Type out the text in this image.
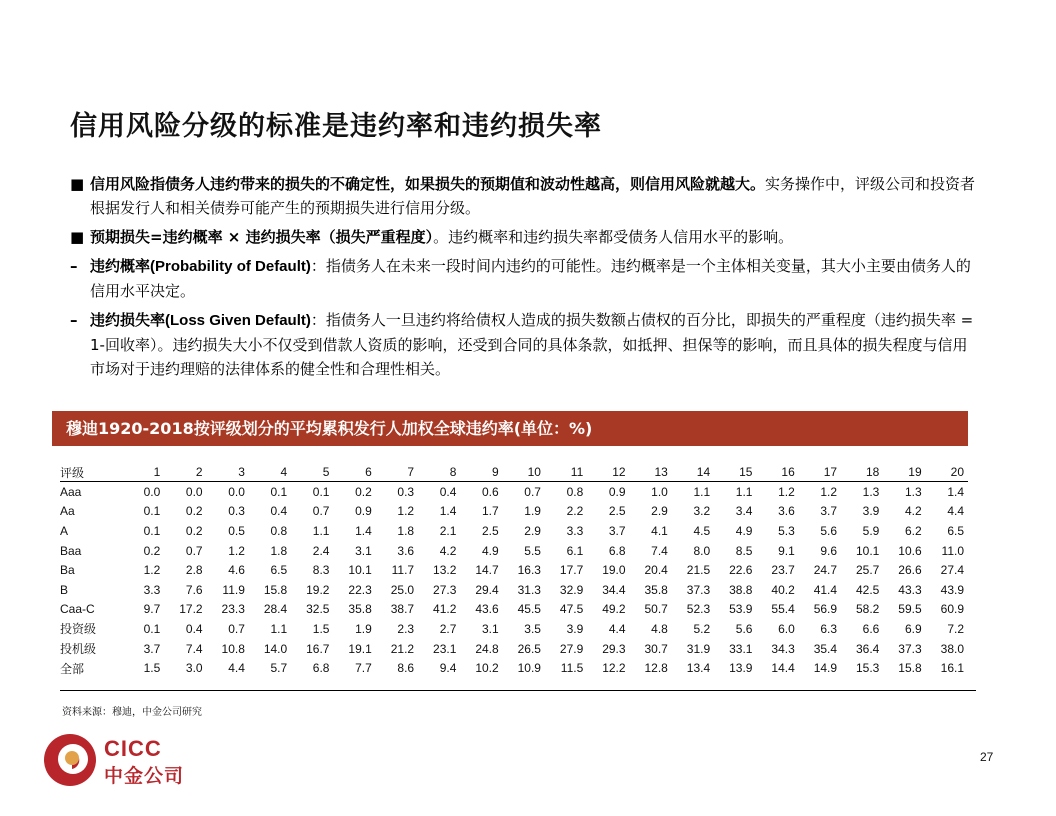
信用风险分级的标准是违约率和违约损失率
■ 信用风险指债务人违约带来的损失的不确定性，如果损失的预期值和波动性越高，则信用风险就越大。实务操作中，评级公司和投资者根据发行人和相关债券可能产生的预期损失进行信用分级。
■ 预期损失=违约概率 × 违约损失率（损失严重程度）。违约概率和违约损失率都受债务人信用水平的影响。
– 违约概率(Probability of Default)：指债务人在未来一段时间内违约的可能性。违约概率是一个主体相关变量，其大小主要由债务人的信用水平决定。
– 违约损失率(Loss Given Default)：指债务人一旦违约将给债权人造成的损失数额占债权的百分比，即损失的严重程度（违约损失率 = 1-回收率）。违约损失大小不仅受到借款人资质的影响，还受到合同的具体条款，如抵押、担保等的影响，而且具体的损失程度与信用市场对于违约理赔的法律体系的健全性和合理性相关。
穆迪1920-2018按评级划分的平均累积发行人加权全球违约率(单位：%)
评级	1	2	3	4	5	6	7	8	9	10	11	12	13	14	15	16	17	18	19	20
Aaa	0.0	0.0	0.0	0.1	0.1	0.2	0.3	0.4	0.6	0.7	0.8	0.9	1.0	1.1	1.1	1.2	1.2	1.3	1.3	1.4
Aa	0.1	0.2	0.3	0.4	0.7	0.9	1.2	1.4	1.7	1.9	2.2	2.5	2.9	3.2	3.4	3.6	3.7	3.9	4.2	4.4
A	0.1	0.2	0.5	0.8	1.1	1.4	1.8	2.1	2.5	2.9	3.3	3.7	4.1	4.5	4.9	5.3	5.6	5.9	6.2	6.5
Baa	0.2	0.7	1.2	1.8	2.4	3.1	3.6	4.2	4.9	5.5	6.1	6.8	7.4	8.0	8.5	9.1	9.6	10.1	10.6	11.0
Ba	1.2	2.8	4.6	6.5	8.3	10.1	11.7	13.2	14.7	16.3	17.7	19.0	20.4	21.5	22.6	23.7	24.7	25.7	26.6	27.4
B	3.3	7.6	11.9	15.8	19.2	22.3	25.0	27.3	29.4	31.3	32.9	34.4	35.8	37.3	38.8	40.2	41.4	42.5	43.3	43.9
Caa-C	9.7	17.2	23.3	28.4	32.5	35.8	38.7	41.2	43.6	45.5	47.5	49.2	50.7	52.3	53.9	55.4	56.9	58.2	59.5	60.9
投资级	0.1	0.4	0.7	1.1	1.5	1.9	2.3	2.7	3.1	3.5	3.9	4.4	4.8	5.2	5.6	6.0	6.3	6.6	6.9	7.2
投机级	3.7	7.4	10.8	14.0	16.7	19.1	21.2	23.1	24.8	26.5	27.9	29.3	30.7	31.9	33.1	34.3	35.4	36.4	37.3	38.0
全部	1.5	3.0	4.4	5.7	6.8	7.7	8.6	9.4	10.2	10.9	11.5	12.2	12.8	13.4	13.9	14.4	14.9	15.3	15.8	16.1
资料来源：穆迪，中金公司研究
CICC
中金公司
27
